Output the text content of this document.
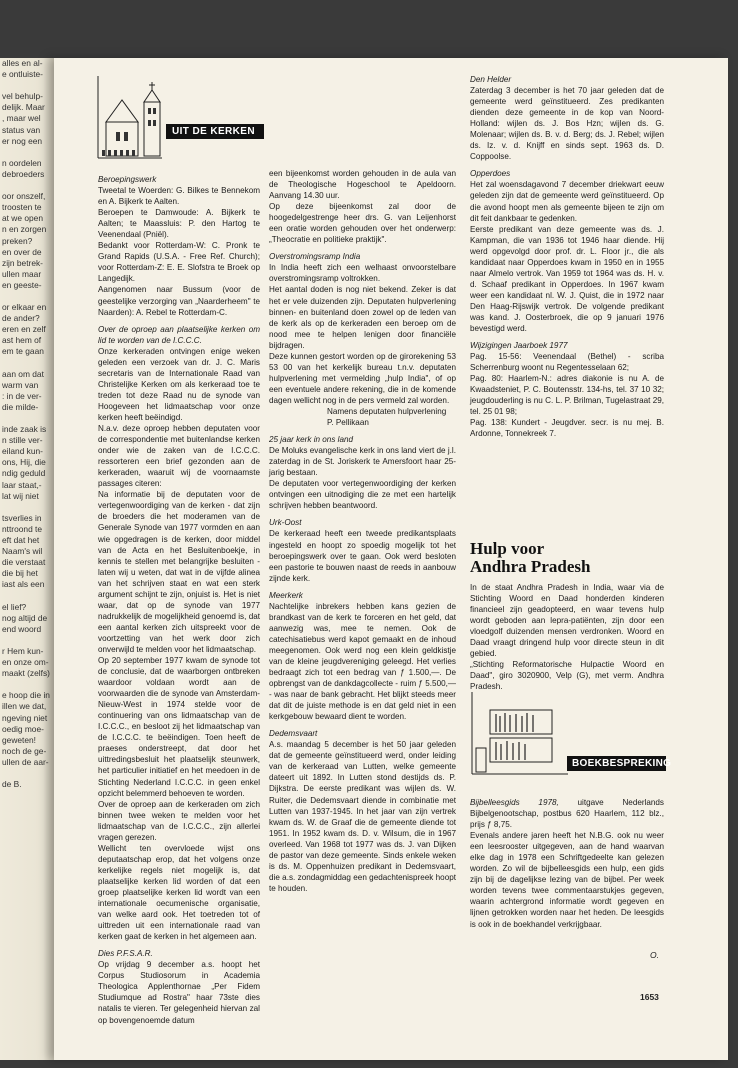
alles en al-
e ontluiste-

vel behulp-
delijk. Maar
, maar wel
status van
er nog een

n oordelen
debroeders

oor onszelf,
troosten te
at we open
n en zorgen
preken?
en over de
zijn betrek-
ullen maar
en geeste-

or elkaar en
de ander?
eren en zelf
ast hem of
em te gaan

aan om dat
warm van
: in de ver-
die milde-

inde zaak is
n stille ver-
eiland kun-
ons, Hij, die
ndig geduld
laar staat,-
lat wij niet

tsverlies in
nttroond te
eft dat het
Naam's wil
die verstaat
die bij het
iast als een

el lief?
nog altijd de
end woord

r Hem kun-
en onze om-
maakt (zelfs)

e hoop die in
illen we dat,
ngeving niet
oedig moe-
geweten!
noch de ge-
ullen de aar-

de B.
UIT DE KERKEN

Beroepingswerk

Tweetal te Woerden: G. Bilkes te Bennekom en A. Bijkerk te Aalten.

Beroepen te Damwoude: A. Bijkerk te Aalten; te Maassluis: P. den Hartog te Veenendaal (Pniël).

Bedankt voor Rotterdam-W: C. Pronk te Grand Rapids (U.S.A. - Free Ref. Church); voor Rotterdam-Z: E. E. Slofstra te Broek op Langedijk.

Aangenomen naar Bussum (voor de geestelijke verzorging van „Naarderheem" te Naarden): A. Rebel te Rotterdam-C.

Over de oproep aan plaatselijke kerken om lid te worden van de I.C.C.C.

Onze kerkeraden ontvingen enige weken geleden een verzoek van dr. J. C. Maris secretaris van de Internationale Raad van Christelijke Kerken om als kerkeraad toe te treden tot deze Raad nu de synode van Hoogeveen het lidmaatschap voor onze kerken heeft beëindigd.

N.a.v. deze oproep hebben deputaten voor de correspondentie met buitenlandse kerken onder wie de zaken van de I.C.C.C. ressorteren een brief gezonden aan de kerkeraden, waaruit wij de voornaamste passages citeren:

Na informatie bij de deputaten voor de vertegenwoordiging van de kerken - dat zijn de broeders die het moderamen van de Generale Synode van 1977 vormden en aan wie opgedragen is de kerken, door middel van de Acta en het Besluitenboekje, in kennis te stellen met belangrijke besluiten - laten wij u weten, dat wat in de vijfde alinea van het schrijven staat en wat een sterk argument schijnt te zijn, onjuist is. Het is niet waar, dat op de synode van 1977 nadrukkelijk de mogelijkheid genoemd is, dat een aantal kerken zich uitspreekt voor de voortzetting van het werk door zich onverwijld te melden voor het lidmaatschap.

Op 20 september 1977 kwam de synode tot de conclusie, dat de waarborgen ontbreken waardoor voldaan wordt aan de voorwaarden die de synode van Amsterdam-Nieuw-West in 1974 stelde voor de continuering van ons lidmaatschap van de I.C.C.C., en besloot zij het lidmaatschap van de I.C.C.C. te beëindigen. Toen heeft de praeses onderstreept, dat door het uittredingsbesluit het plaatselijk steunwerk, het particulier initiatief en het meedoen in de Stichting Nederland I.C.C.C. in geen enkel opzicht belemmerd behoeven te worden.

Over de oproep aan de kerkeraden om zich binnen twee weken te melden voor het lidmaatschap van de I.C.C.C., zijn allerlei vragen gerezen.

Wellicht ten overvloede wijst ons deputaatschap erop, dat het volgens onze kerkelijke regels niet mogelijk is, dat plaatselijke kerken lid worden of dat een groep plaatselijke kerken lid wordt van een internationale oecumenische organisatie, van welke aard ook. Het toetreden tot of uittreden uit een internationale raad van kerken gaat de kerken in het algemeen aan.

Dies P.F.S.A.R.

Op vrijdag 9 december a.s. hoopt het Corpus Studiosorum in Academia Theologica Applenthornae „Per Fidem Studiumque ad Rostra" haar 73ste dies natalis te vieren. Ter gelegenheid hiervan zal op bovengenoemde datum

een bijeenkomst worden gehouden in de aula van de Theologische Hogeschool te Apeldoorn. Aanvang 14.30 uur.

Op deze bijeenkomst zal door de hoogedelgestrenge heer drs. G. van Leijenhorst een oratie worden gehouden over het onderwerp: „Theocratie en politieke praktijk".

Overstromingsramp India

In India heeft zich een welhaast onvoorstelbare overstromingsramp voltrokken.

Het aantal doden is nog niet bekend. Zeker is dat het er vele duizenden zijn. Deputaten hulpverlening binnen- en buitenland doen zowel op de leden van de kerk als op de kerkeraden een beroep om de nood mee te helpen lenigen door financiële bijdragen.

Deze kunnen gestort worden op de girorekening 53 53 00 van het kerkelijk bureau t.n.v. deputaten hulpverlening met vermelding „hulp India", of op een eventuele andere rekening, die in de komende dagen wellicht nog in de pers vermeld zal worden.

Namens deputaten hulpverlening

P. Pellikaan

25 jaar kerk in ons land

De Moluks evangelische kerk in ons land viert de j.l. zaterdag in de St. Joriskerk te Amersfoort haar 25-jarig bestaan.

De deputaten voor vertegenwoordiging der kerken ontvingen een uitnodiging die ze met een hartelijk schrijven hebben beantwoord.

Urk-Oost

De kerkeraad heeft een tweede predikantsplaats ingesteld en hoopt zo spoedig mogelijk tot het beroepingswerk over te gaan. Ook werd besloten een pastorie te bouwen naast de reeds in aanbouw zijnde kerk.

Meerkerk

Nachtelijke inbrekers hebben kans gezien de brandkast van de kerk te forceren en het geld, dat aanwezig was, mee te nemen. Ook de catechisatiebus werd kapot gemaakt en de inhoud meegenomen. Ook werd nog een klein geldkistje van de kleine jeugdvereniging geleegd. Het verlies bedraagt zich tot een bedrag van ƒ 1.500,—. De opbrengst van de dankdagcollecte - ruim ƒ 5.500,— - was naar de bank gebracht. Het blijkt steeds meer dat dit de juiste methode is en dat geld niet in een kerkgebouw bewaard dient te worden.

Dedemsvaart

A.s. maandag 5 december is het 50 jaar geleden dat de gemeente geïnstitueerd werd, onder leiding van de kerkeraad van Lutten, welke gemeente dateert uit 1892. In Lutten stond destijds ds. P. Dijkstra. De eerste predikant was wijlen ds. W. Ruiter, die Dedemsvaart diende in combinatie met Lutten van 1937-1945. In het jaar van zijn vertrek kwam ds. W. de Graaf die de gemeente diende tot 1951. In 1952 kwam ds. D. v. Wilsum, die in 1967 overleed. Van 1968 tot 1977 was ds. J. van Dijken de pastor van deze gemeente. Sinds enkele weken is ds. M. Oppenhuizen predikant in Dedemsvaart, die a.s. zondagmiddag een gedachtenispreek hoopt te houden.

Den Helder

Zaterdag 3 december is het 70 jaar geleden dat de gemeente werd geïnstitueerd. Zes predikanten dienden deze gemeente in de kop van Noord-Holland: wijlen ds. J. Bos Hzn; wijlen ds. G. Molenaar; wijlen ds. B. v. d. Berg; ds. J. Rebel; wijlen ds. Iz. v. d. Knijff en sinds sept. 1963 ds. D. Coppoolse.

Opperdoes

Het zal woensdagavond 7 december driekwart eeuw geleden zijn dat de gemeente werd geïnstitueerd. Op die avond hoopt men als gemeente bijeen te zijn om dit feit dankbaar te gedenken.

Eerste predikant van deze gemeente was ds. J. Kampman, die van 1936 tot 1946 haar diende. Hij werd opgevolgd door prof. dr. L. Floor jr., die als kandidaat naar Opperdoes kwam in 1950 en in 1955 naar Almelo vertrok. Van 1959 tot 1964 was ds. H. v. d. Schaaf predikant in Opperdoes. In 1967 kwam weer een kandidaat nl. W. J. Quist, die in 1972 naar Den Haag-Rijswijk vertrok. De volgende predikant was kand. J. Oosterbroek, die op 9 januari 1976 bevestigd werd.

Wijzigingen Jaarboek 1977

Pag. 15-56: Veenendaal (Bethel) - scriba Scherrenburg woont nu Regentesselaan 62;

Pag. 80: Haarlem-N.: adres diakonie is nu A. de Kwaadsteniet, P. C. Boutensstr. 134-hs, tel. 37 10 32; jeugdouderling is nu C. L. P. Brilman, Tugelastraat 29, tel. 25 01 98;

Pag. 138: Kundert - Jeugdver. secr. is nu mej. B. Ardonne, Tonnekreek 7.

Hulp voor
Andhra Pradesh

In de staat Andhra Pradesh in India, waar via de Stichting Woord en Daad honderden kinderen financieel zijn geadopteerd, en waar tevens hulp wordt geboden aan lepra-patiënten, zijn door een vloedgolf duizenden mensen verdronken. Woord en Daad vraagt dringend hulp voor directe steun in dit gebied.

„Stichting Reformatorische Hulpactie Woord en Daad", giro 3020900, Velp (G), met verm. Andhra Pradesh.

BOEKBESPREKING

Bijbelleesgids 1978, uitgave Nederlands Bijbelgenootschap, postbus 620 Haarlem, 112 blz., prijs ƒ 8,75.

Evenals andere jaren heeft het N.B.G. ook nu weer een leesrooster uitgegeven, aan de hand waarvan elke dag in 1978 een Schriftgedeelte kan gelezen worden. Zo wil de bijbelleesgids een hulp, een gids zijn bij de dagelijkse lezing van de bijbel. Per week worden tevens twee commentaarstukjes gegeven, waarin achtergrond informatie wordt gegeven en lijnen getrokken worden naar het heden. De leesgids is ook in de boekhandel verkrijgbaar.

O.
1653
